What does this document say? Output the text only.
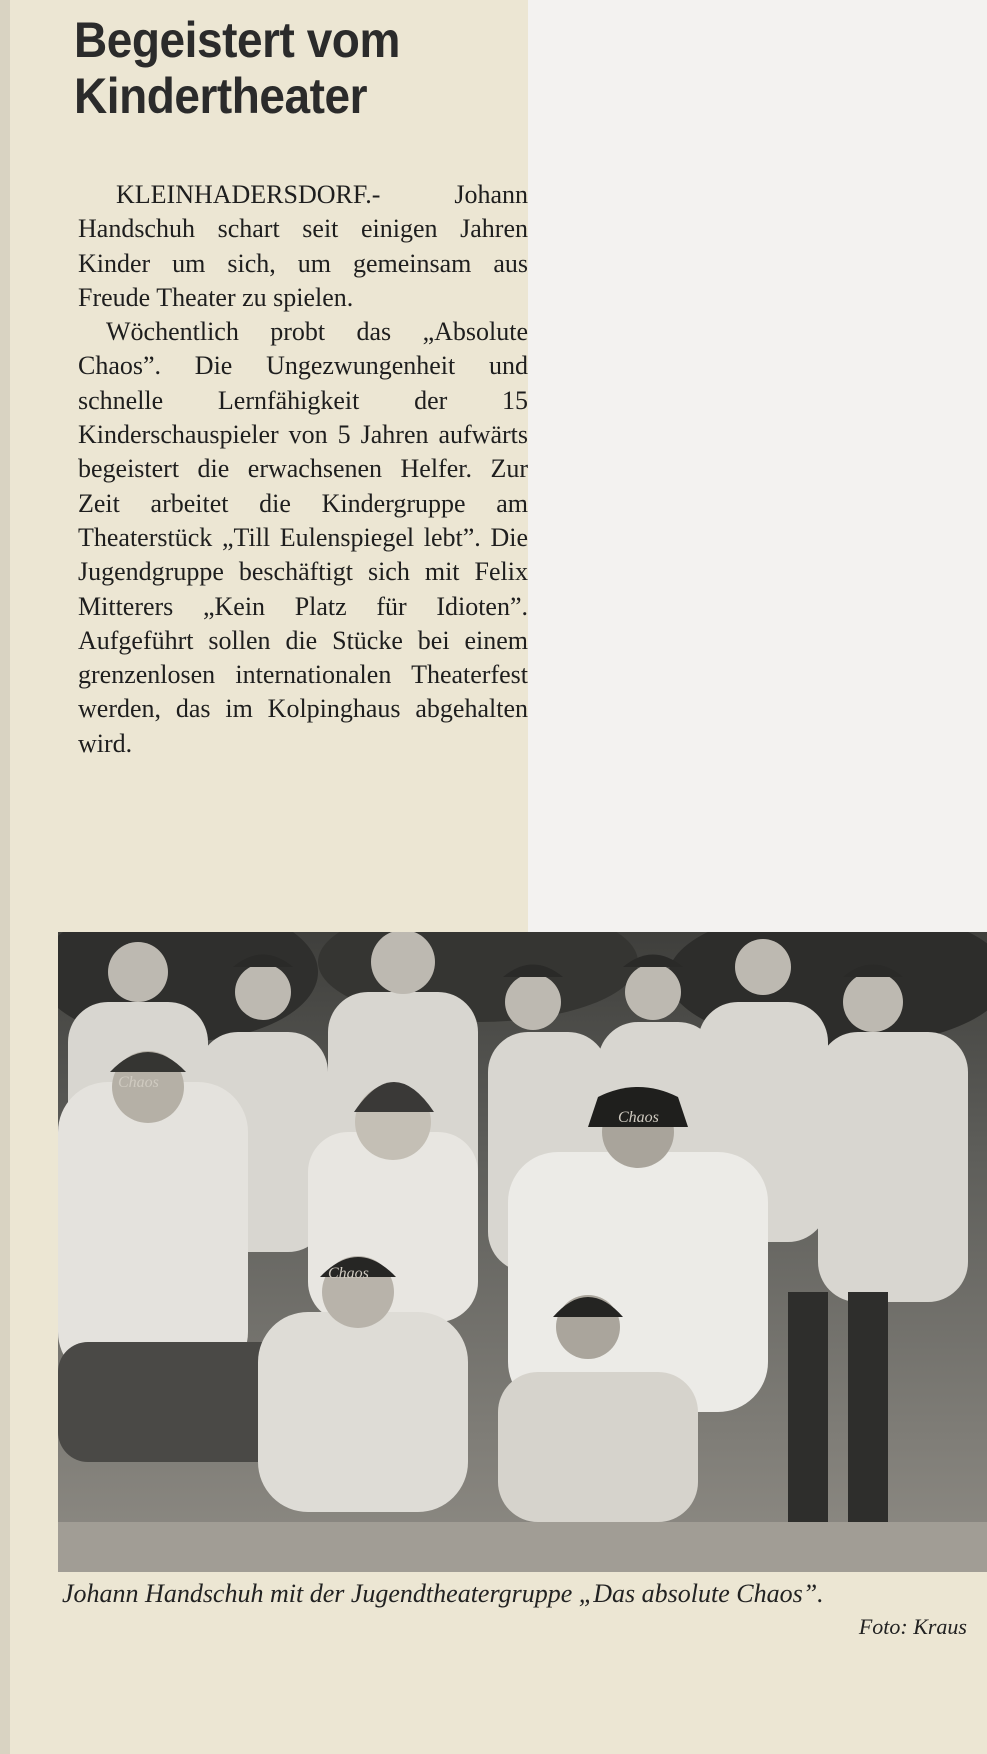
Begeistert vom Kindertheater

KLEINHADERSDORF.- Johann Handschuh schart seit einigen Jahren Kinder um sich, um gemeinsam aus Freude Theater zu spielen.

Wöchentlich probt das „Absolute Chaos”. Die Ungezwungenheit und schnelle Lernfähigkeit der 15 Kinderschauspieler von 5 Jahren aufwärts begeistert die erwachsenen Helfer. Zur Zeit arbeitet die Kindergruppe am Theaterstück „Till Eulenspiegel lebt”. Die Jugendgruppe beschäftigt sich mit Felix Mitterers „Kein Platz für Idioten”. Aufgeführt sollen die Stücke bei einem grenzenlosen internationalen Theaterfest werden, das im Kolpinghaus abgehalten wird.

Chaos
Chaos
Chaos
Johann Handschuh mit der Jugendtheatergruppe „Das absolute Chaos”.
Foto: Kraus
